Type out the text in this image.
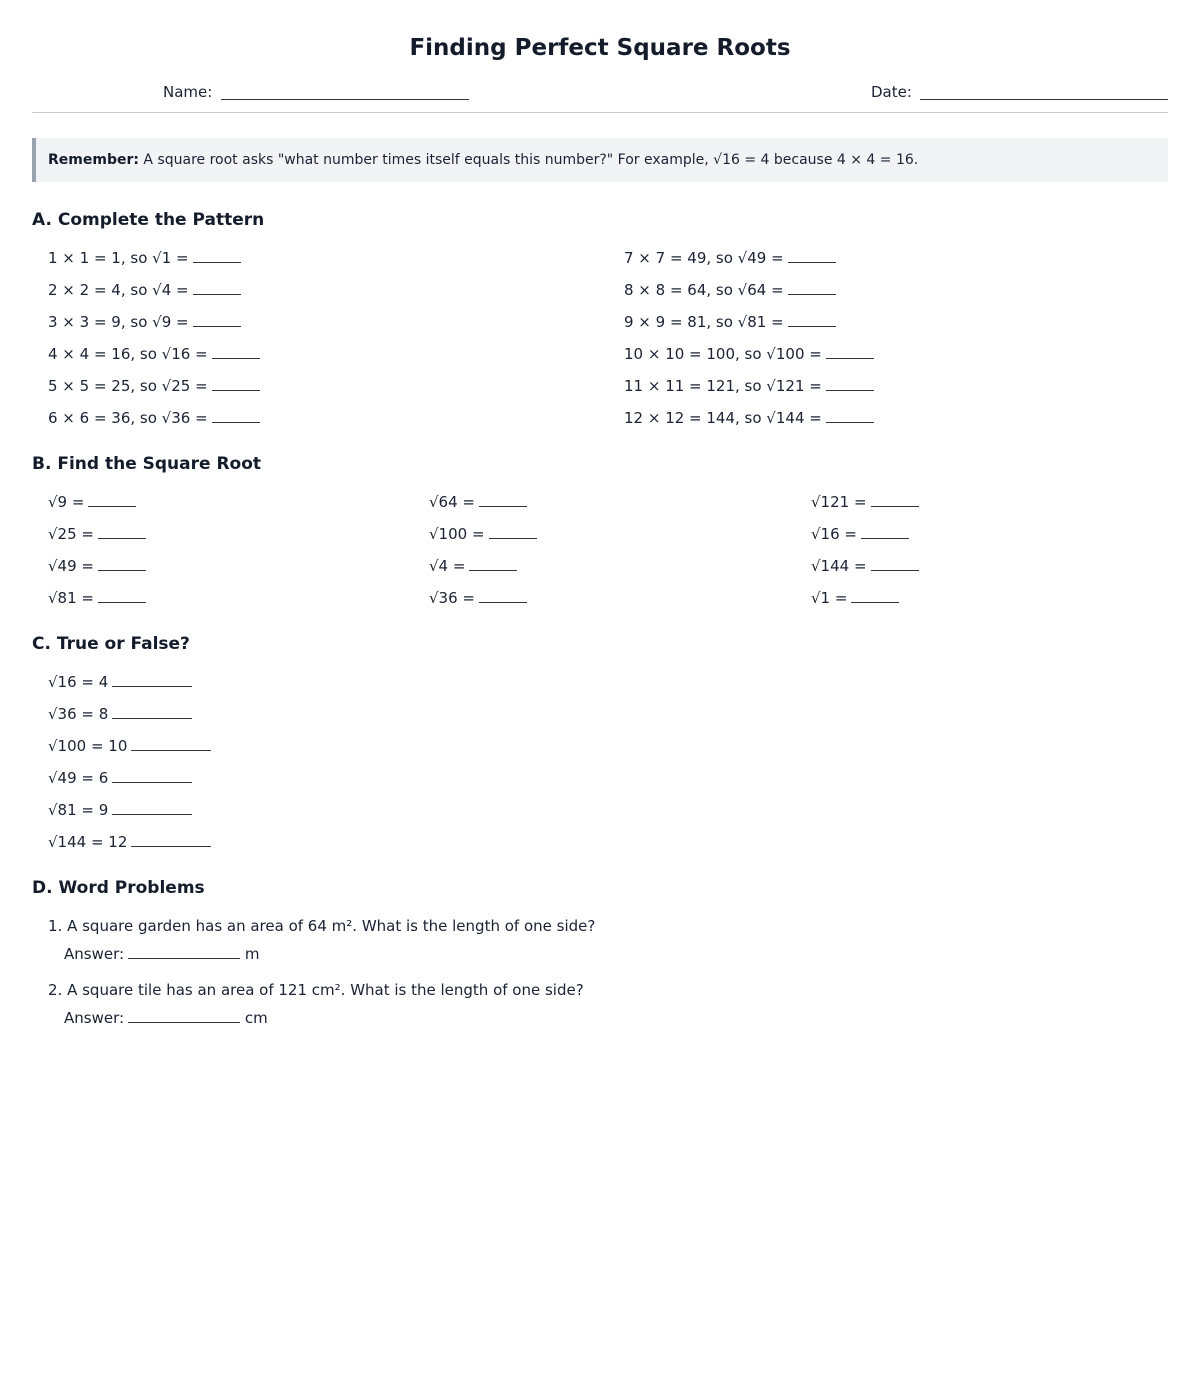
Finding Perfect Square Roots
Name:	Date:
Remember: A square root asks "what number times itself equals this number?" For example, √16 = 4 because 4 × 4 = 16.
A. Complete the Pattern
1 × 1 = 1, so √1 =
2 × 2 = 4, so √4 =
3 × 3 = 9, so √9 =
4 × 4 = 16, so √16 =
5 × 5 = 25, so √25 =
6 × 6 = 36, so √36 =
7 × 7 = 49, so √49 =
8 × 8 = 64, so √64 =
9 × 9 = 81, so √81 =
10 × 10 = 100, so √100 =
11 × 11 = 121, so √121 =
12 × 12 = 144, so √144 =
B. Find the Square Root
√9 =
√25 =
√49 =
√81 =
√64 =
√100 =
√4 =
√36 =
√121 =
√16 =
√144 =
√1 =
C. True or False?
√16 = 4
√36 = 8
√100 = 10
√49 = 6
√81 = 9
√144 = 12
D. Word Problems
1. A square garden has an area of 64 m². What is the length of one side?
Answer:	m
2. A square tile has an area of 121 cm². What is the length of one side?
Answer:	cm
